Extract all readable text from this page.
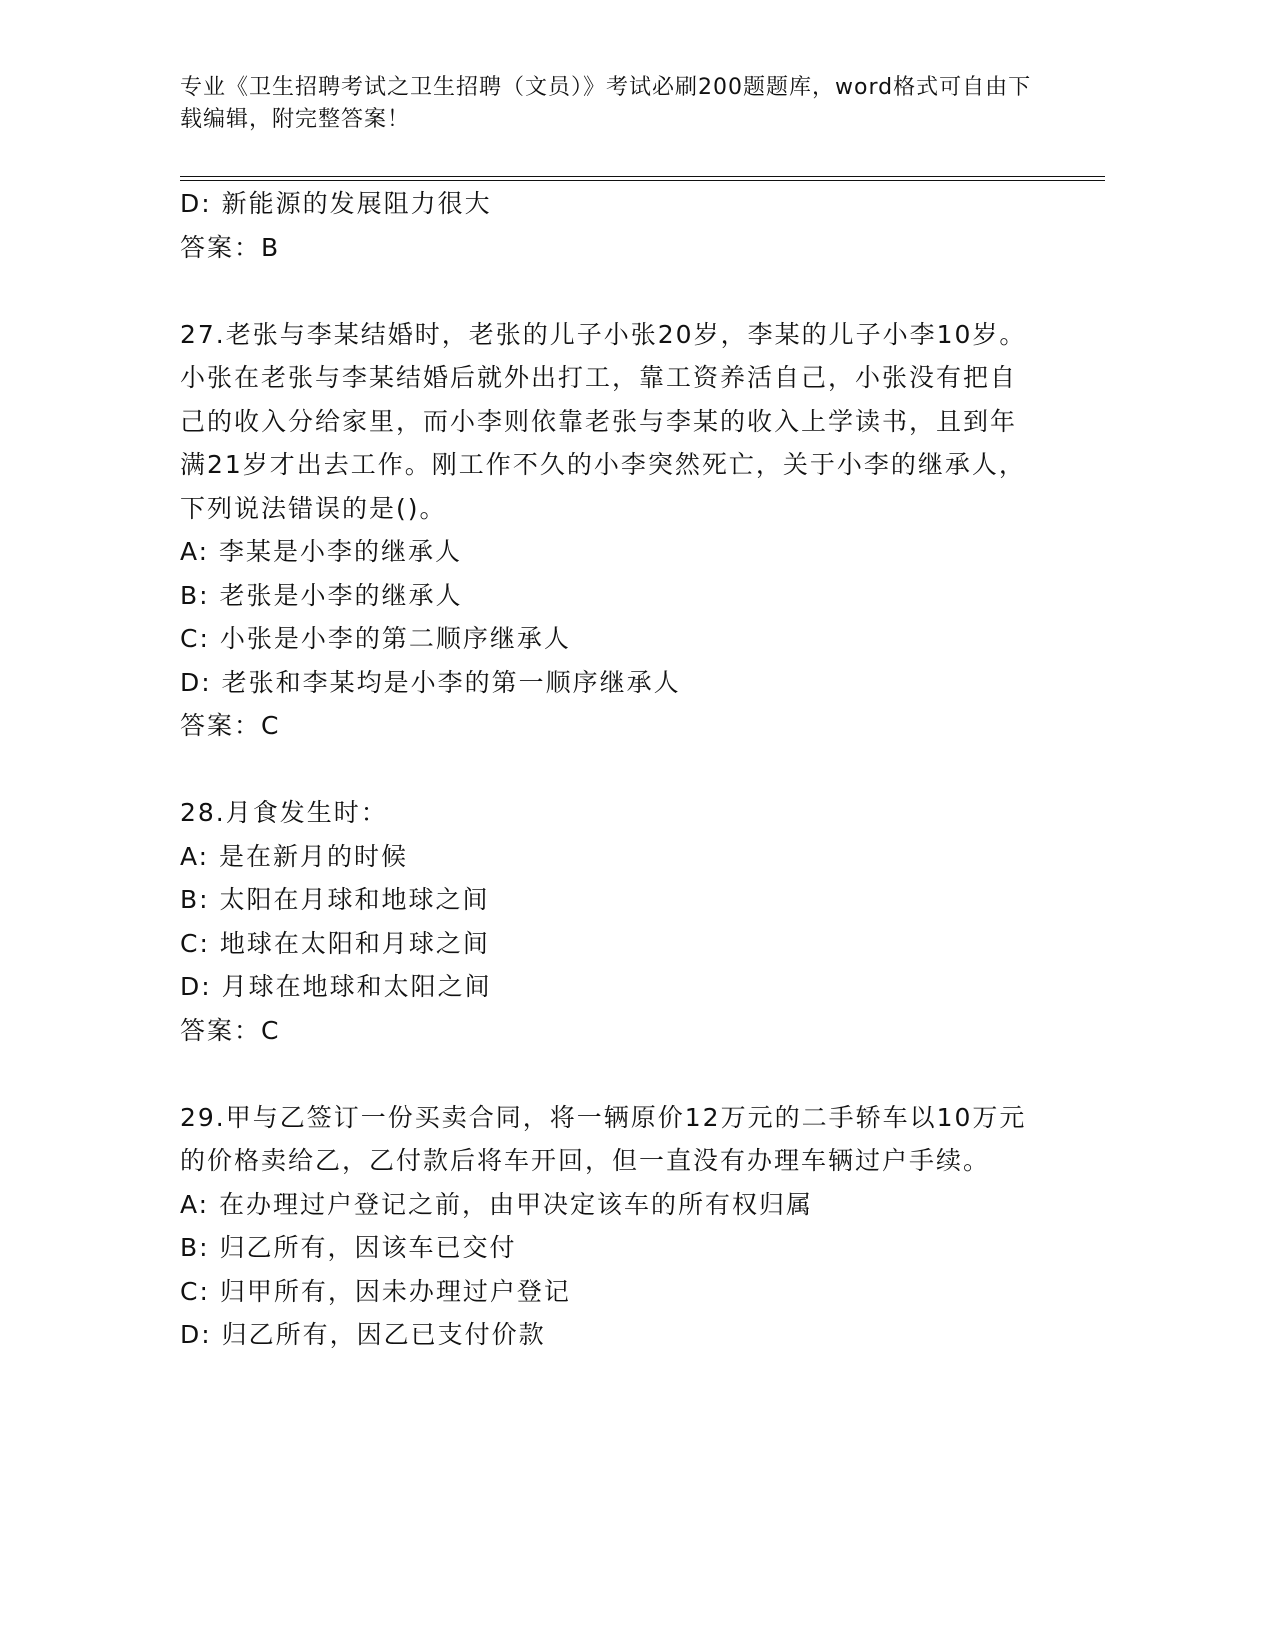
专业《卫生招聘考试之卫生招聘（文员）》考试必刷200题题库，word格式可自由下载编辑，附完整答案！
D: 新能源的发展阻力很大
答案：B
27.老张与李某结婚时，老张的儿子小张20岁，李某的儿子小李10岁。小张在老张与李某结婚后就外出打工，靠工资养活自己，小张没有把自己的收入分给家里，而小李则依靠老张与李某的收入上学读书，且到年满21岁才出去工作。刚工作不久的小李突然死亡，关于小李的继承人，下列说法错误的是()。
A: 李某是小李的继承人
B: 老张是小李的继承人
C: 小张是小李的第二顺序继承人
D: 老张和李某均是小李的第一顺序继承人
答案：C
28.月食发生时：
A: 是在新月的时候
B: 太阳在月球和地球之间
C: 地球在太阳和月球之间
D: 月球在地球和太阳之间
答案：C
29.甲与乙签订一份买卖合同，将一辆原价12万元的二手轿车以10万元的价格卖给乙，乙付款后将车开回，但一直没有办理车辆过户手续。
A: 在办理过户登记之前，由甲决定该车的所有权归属
B: 归乙所有，因该车已交付
C: 归甲所有，因未办理过户登记
D: 归乙所有，因乙已支付价款
